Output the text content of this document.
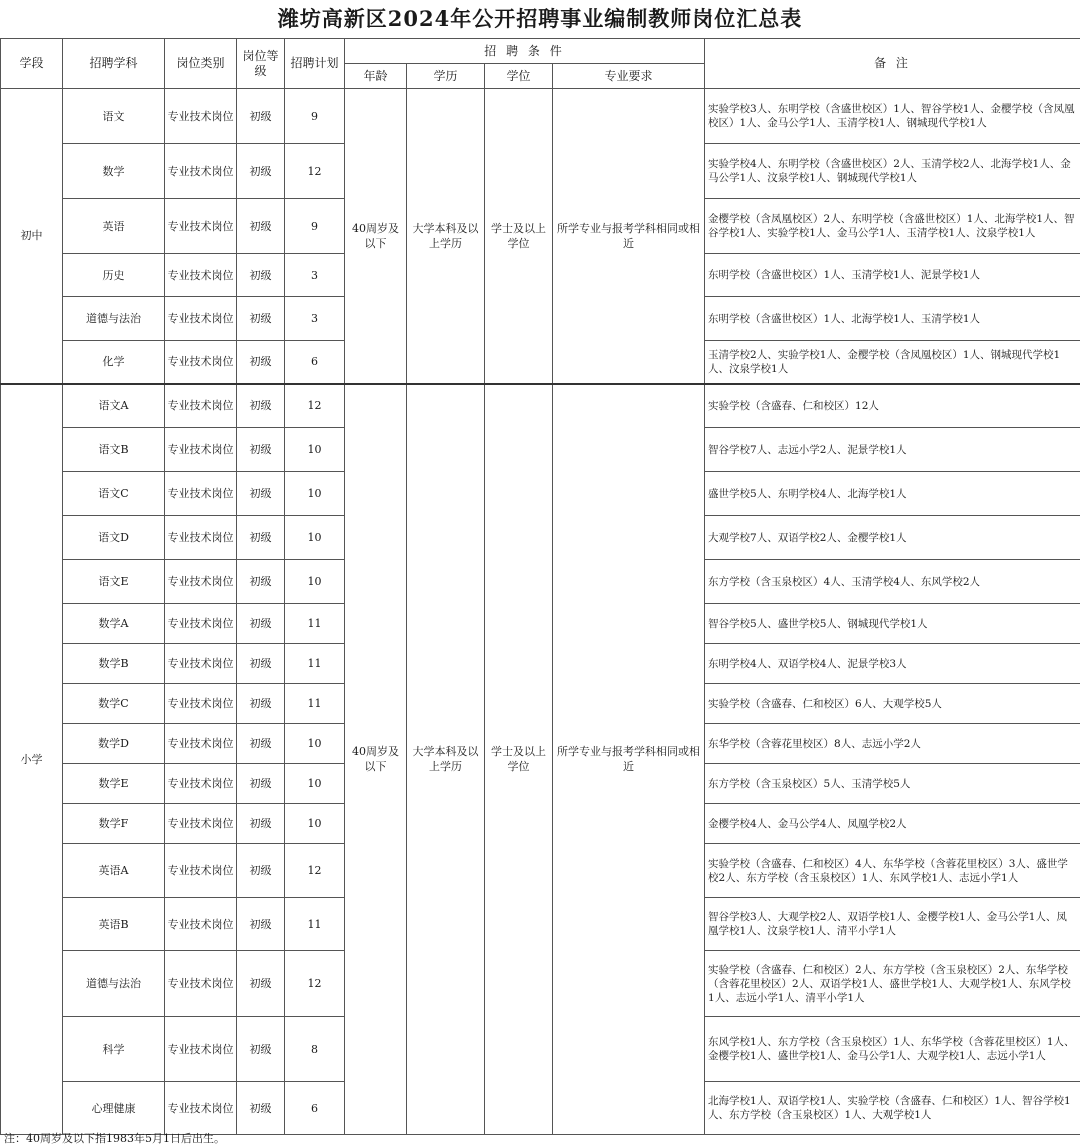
潍坊高新区2024年公开招聘事业编制教师岗位汇总表
学段	招聘学科	岗位类别	岗位等级	招聘计划	招 聘 条 件				备 注
					年龄	学历	学位	专业要求	
初中	语文	专业技术岗位	初级	9	40周岁及以下	大学本科及以上学历	学士及以上学位	所学专业与报考学科相同或相近	实验学校3人、东明学校（含盛世校区）1人、智谷学校1人、金樱学校（含凤凰校区）1人、金马公学1人、玉清学校1人、钢城现代学校1人
	数学	专业技术岗位	初级	12					实验学校4人、东明学校（含盛世校区）2人、玉清学校2人、北海学校1人、金马公学1人、汶泉学校1人、钢城现代学校1人
	英语	专业技术岗位	初级	9					金樱学校（含凤凰校区）2人、东明学校（含盛世校区）1人、北海学校1人、智谷学校1人、实验学校1人、金马公学1人、玉清学校1人、汶泉学校1人
	历史	专业技术岗位	初级	3					东明学校（含盛世校区）1人、玉清学校1人、泥景学校1人
	道德与法治	专业技术岗位	初级	3					东明学校（含盛世校区）1人、北海学校1人、玉清学校1人
	化学	专业技术岗位	初级	6					玉清学校2人、实验学校1人、金樱学校（含凤凰校区）1人、钢城现代学校1人、汶泉学校1人
小学	语文A	专业技术岗位	初级	12	40周岁及以下	大学本科及以上学历	学士及以上学位	所学专业与报考学科相同或相近	实验学校（含盛春、仁和校区）12人
	语文B	专业技术岗位	初级	10					智谷学校7人、志远小学2人、泥景学校1人
	语文C	专业技术岗位	初级	10					盛世学校5人、东明学校4人、北海学校1人
	语文D	专业技术岗位	初级	10					大观学校7人、双语学校2人、金樱学校1人
	语文E	专业技术岗位	初级	10					东方学校（含玉泉校区）4人、玉清学校4人、东风学校2人
	数学A	专业技术岗位	初级	11					智谷学校5人、盛世学校5人、钢城现代学校1人
	数学B	专业技术岗位	初级	11					东明学校4人、双语学校4人、泥景学校3人
	数学C	专业技术岗位	初级	11					实验学校（含盛春、仁和校区）6人、大观学校5人
	数学D	专业技术岗位	初级	10					东华学校（含蓉花里校区）8人、志远小学2人
	数学E	专业技术岗位	初级	10					东方学校（含玉泉校区）5人、玉清学校5人
	数学F	专业技术岗位	初级	10					金樱学校4人、金马公学4人、凤凰学校2人
	英语A	专业技术岗位	初级	12					实验学校（含盛春、仁和校区）4人、东华学校（含蓉花里校区）3人、盛世学校2人、东方学校（含玉泉校区）1人、东风学校1人、志远小学1人
	英语B	专业技术岗位	初级	11					智谷学校3人、大观学校2人、双语学校1人、金樱学校1人、金马公学1人、凤凰学校1人、汶泉学校1人、清平小学1人
	道德与法治	专业技术岗位	初级	12					实验学校（含盛春、仁和校区）2人、东方学校（含玉泉校区）2人、东华学校（含蓉花里校区）2人、双语学校1人、盛世学校1人、大观学校1人、东风学校1人、志远小学1人、清平小学1人
	科学	专业技术岗位	初级	8					东风学校1人、东方学校（含玉泉校区）1人、东华学校（含蓉花里校区）1人、金樱学校1人、盛世学校1人、金马公学1人、大观学校1人、志远小学1人
	心理健康	专业技术岗位	初级	6					北海学校1人、双语学校1人、实验学校（含盛春、仁和校区）1人、智谷学校1人、东方学校（含玉泉校区）1人、大观学校1人
注：40周岁及以下指1983年5月1日后出生。
